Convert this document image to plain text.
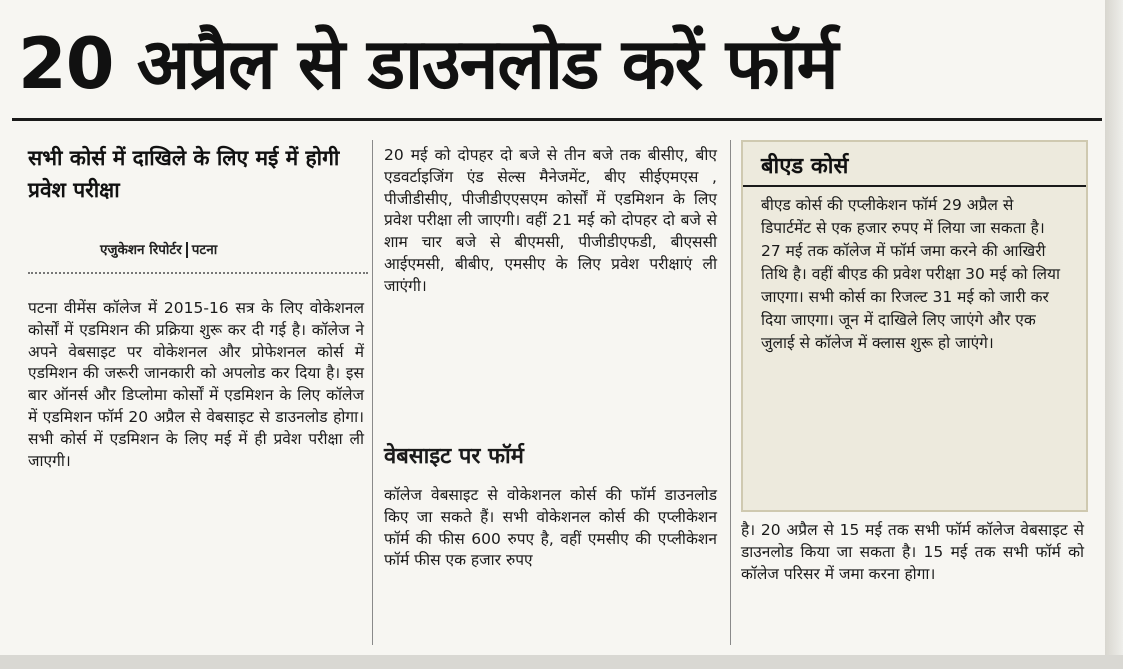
20 अप्रैल से डाउनलोड करें फॉर्म
सभी कोर्स में दाखिले के लिए मई में होगी प्रवेश परीक्षा
एजुकेशन रिपोर्टर पटना
पटना वीमेंस कॉलेज में 2015-16 सत्र के लिए वोकेशनल कोर्सों में एडमिशन की प्रक्रिया शुरू कर दी गई है। कॉलेज ने अपने वेबसाइट पर वोकेशनल और प्रोफेशनल कोर्स में एडमिशन की जरूरी जानकारी को अपलोड कर दिया है। इस बार ऑनर्स और डिप्लोमा कोर्सों में एडमिशन के लिए कॉलेज में एडमिशन फॉर्म 20 अप्रैल से वेबसाइट से डाउनलोड होगा। सभी कोर्स में एडमिशन के लिए मई में ही प्रवेश परीक्षा ली जाएगी।
20 मई को दोपहर दो बजे से तीन बजे तक बीसीए, बीए एडवर्टाइजिंग एंड सेल्स मैनेजमेंट, बीए सीईएमएस , पीजीडीसीए, पीजीडीएएसएम कोर्सों में एडमिशन के लिए प्रवेश परीक्षा ली जाएगी। वहीं 21 मई को दोपहर दो बजे से शाम चार बजे से बीएमसी, पीजीडीएफडी, बीएससी आईएमसी, बीबीए, एमसीए के लिए प्रवेश परीक्षाएं ली जाएंगी।
वेबसाइट पर फॉर्म
कॉलेज वेबसाइट से वोकेशनल कोर्स की फॉर्म डाउनलोड किए जा सकते हैं। सभी वोकेशनल कोर्स की एप्लीकेशन फॉर्म की फीस 600 रुपए है, वहीं एमसीए की एप्लीकेशन फॉर्म फीस एक हजार रुपए
बीएड कोर्स
बीएड कोर्स की एप्लीकेशन फॉर्म 29 अप्रैल से डिपार्टमेंट से एक हजार रुपए में लिया जा सकता है। 27 मई तक कॉलेज में फॉर्म जमा करने की आखिरी तिथि है। वहीं बीएड की प्रवेश परीक्षा 30 मई को लिया जाएगा। सभी कोर्स का रिजल्ट 31 मई को जारी कर दिया जाएगा। जून में दाखिले लिए जाएंगे और एक जुलाई से कॉलेज में क्लास शुरू हो जाएंगे।
है। 20 अप्रैल से 15 मई तक सभी फॉर्म कॉलेज वेबसाइट से डाउनलोड किया जा सकता है। 15 मई तक सभी फॉर्म को कॉलेज परिसर में जमा करना होगा।
